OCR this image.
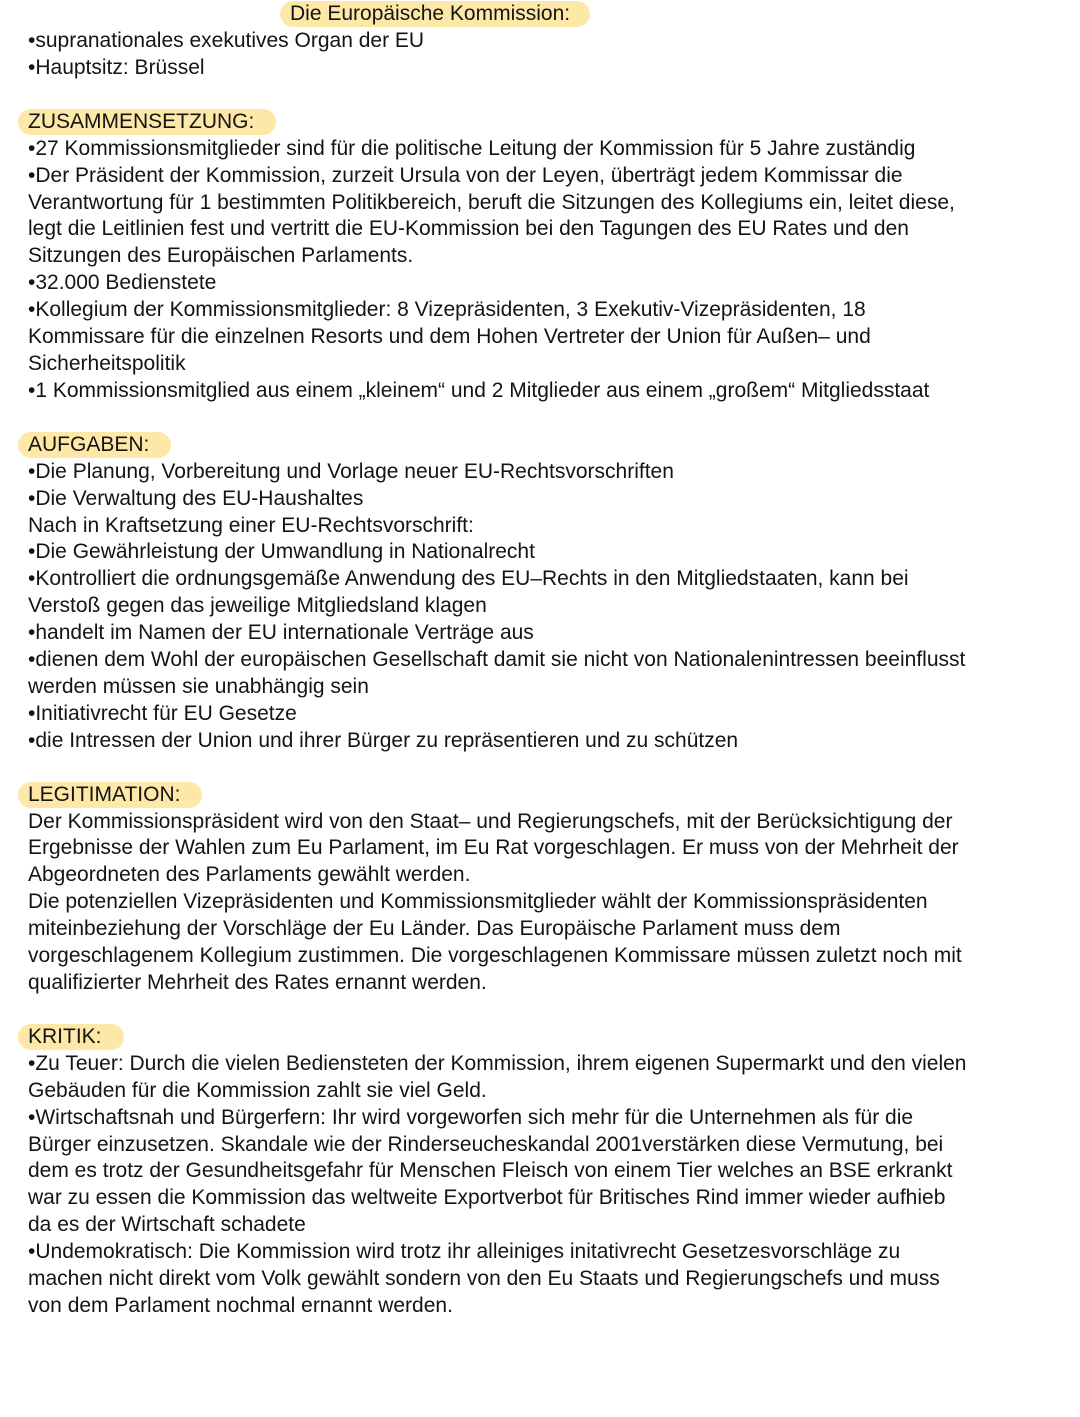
Die Europäische Kommission:
•supranationales exekutives Organ der EU
•Hauptsitz: Brüssel
ZUSAMMENSETZUNG:
•27 Kommissionsmitglieder sind für die politische Leitung der Kommission für 5 Jahre zuständig
•Der Präsident der Kommission, zurzeit Ursula von der Leyen, überträgt jedem Kommissar die
Verantwortung für 1 bestimmten Politikbereich, beruft die Sitzungen des Kollegiums ein, leitet diese,
legt die Leitlinien fest und vertritt die EU-Kommission bei den Tagungen des EU Rates und den
Sitzungen des Europäischen Parlaments.
•32.000 Bedienstete
•Kollegium der Kommissionsmitglieder: 8 Vizepräsidenten, 3 Exekutiv-Vizepräsidenten, 18
Kommissare für die einzelnen Resorts und dem Hohen Vertreter der Union für Außen– und
Sicherheitspolitik
•1 Kommissionsmitglied aus einem „kleinem“ und 2 Mitglieder aus einem „großem“ Mitgliedsstaat
AUFGABEN:
•Die Planung, Vorbereitung und Vorlage neuer EU-Rechtsvorschriften
•Die Verwaltung des EU-Haushaltes
Nach in Kraftsetzung einer EU-Rechtsvorschrift:
•Die Gewährleistung der Umwandlung in Nationalrecht
•Kontrolliert die ordnungsgemäße Anwendung des EU–Rechts in den Mitgliedstaaten, kann bei
Verstoß gegen das jeweilige Mitgliedsland klagen
•handelt im Namen der EU internationale Verträge aus
•dienen dem Wohl der europäischen Gesellschaft damit sie nicht von Nationalenintressen beeinflusst
werden müssen sie unabhängig sein
•Initiativrecht für EU Gesetze
•die Intressen der Union und ihrer Bürger zu repräsentieren und zu schützen
LEGITIMATION:
Der Kommissionspräsident wird von den Staat– und Regierungschefs, mit der Berücksichtigung der
Ergebnisse der Wahlen zum Eu Parlament, im Eu Rat vorgeschlagen. Er muss von der Mehrheit der
Abgeordneten des Parlaments gewählt werden.
Die potenziellen Vizepräsidenten und Kommissionsmitglieder wählt der Kommissionspräsidenten
miteinbeziehung der Vorschläge der Eu Länder. Das Europäische Parlament muss dem
vorgeschlagenem Kollegium zustimmen. Die vorgeschlagenen Kommissare müssen zuletzt noch mit
qualifizierter Mehrheit des Rates ernannt werden.
KRITIK:
•Zu Teuer: Durch die vielen Bediensteten der Kommission, ihrem eigenen Supermarkt und den vielen
Gebäuden für die Kommission zahlt sie viel Geld.
•Wirtschaftsnah und Bürgerfern: Ihr wird vorgeworfen sich mehr für die Unternehmen als für die
Bürger einzusetzen. Skandale wie der Rinderseucheskandal 2001verstärken diese Vermutung, bei
dem es trotz der Gesundheitsgefahr für Menschen Fleisch von einem Tier welches an BSE erkrankt
war zu essen die Kommission das weltweite Exportverbot für Britisches Rind immer wieder aufhieb
da es der Wirtschaft schadete
•Undemokratisch: Die Kommission wird trotz ihr alleiniges initativrecht Gesetzesvorschläge zu
machen nicht direkt vom Volk gewählt sondern von den Eu Staats und Regierungschefs und muss
von dem Parlament nochmal ernannt werden.
